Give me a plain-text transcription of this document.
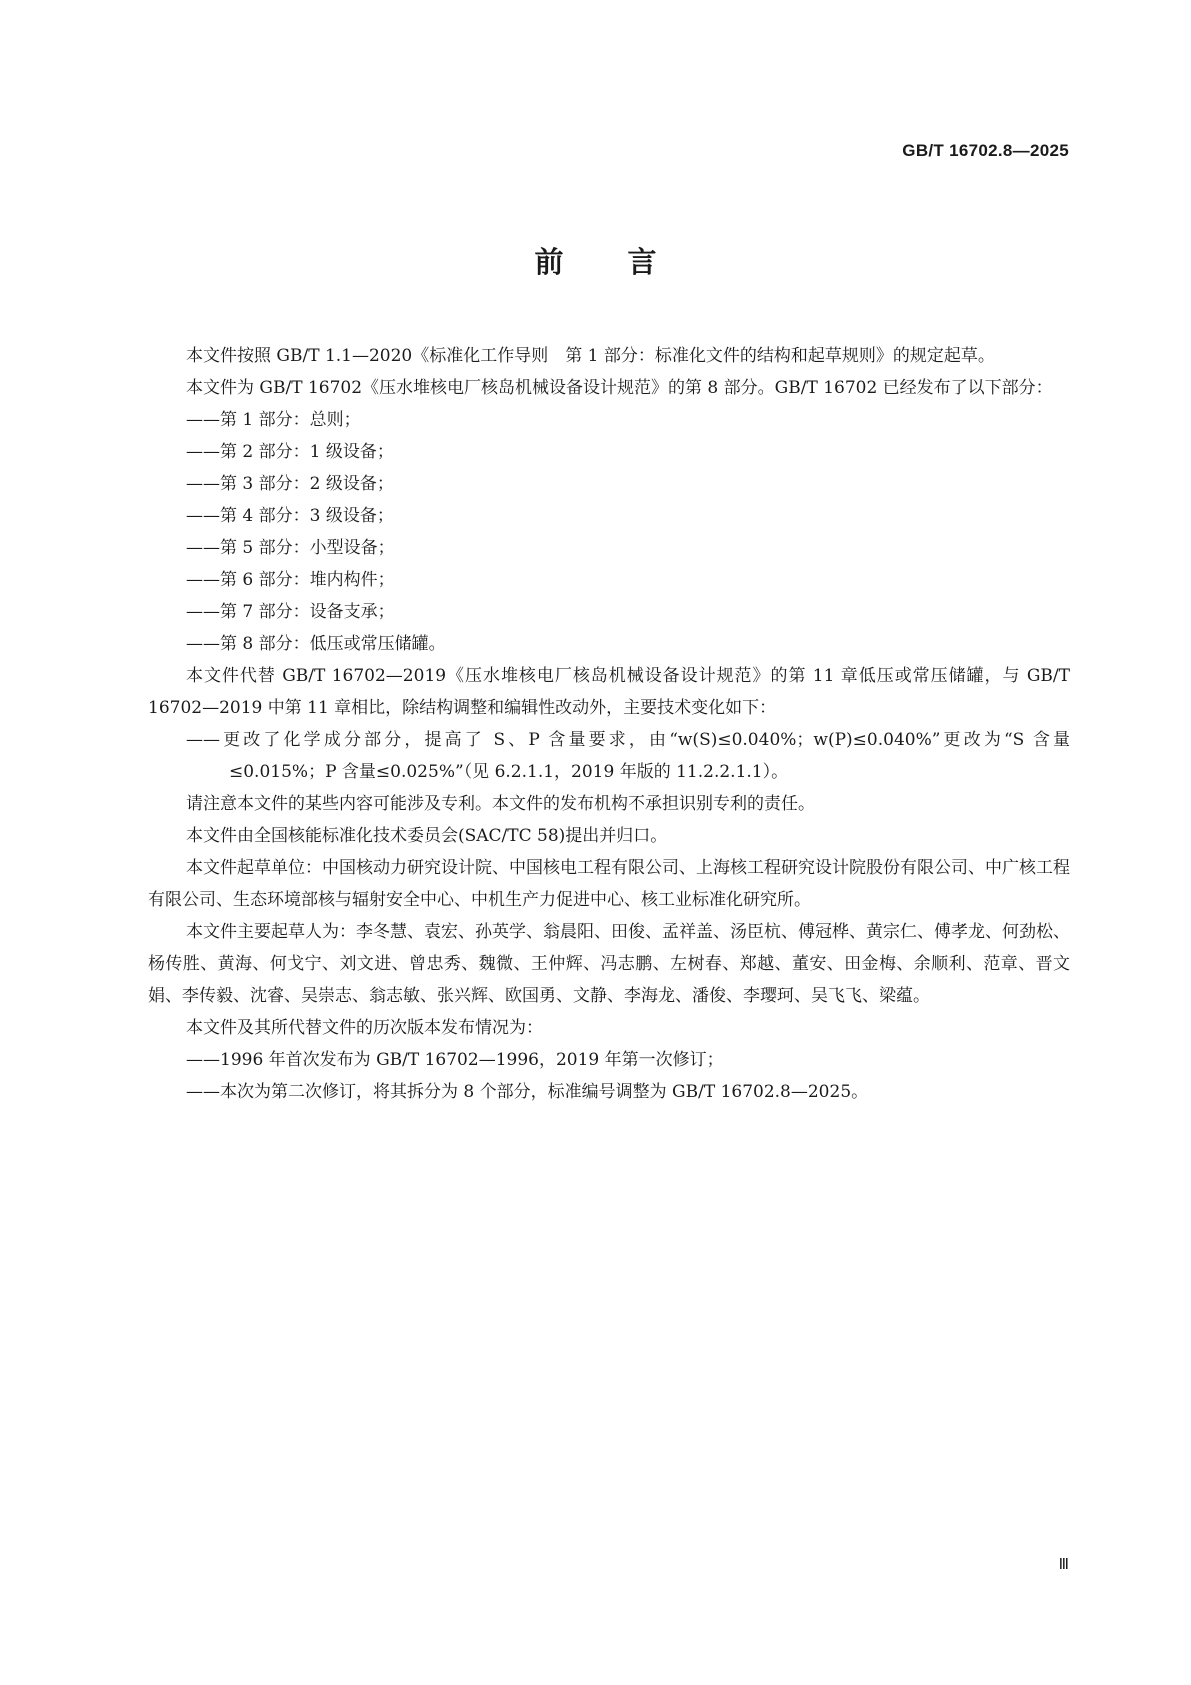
GB/T 16702.8—2025
前 言

本文件按照 GB/T 1.1—2020《标准化工作导则　第 1 部分：标准化文件的结构和起草规则》的规定起草。

本文件为 GB/T 16702《压水堆核电厂核岛机械设备设计规范》的第 8 部分。GB/T 16702 已经发布了以下部分：

——第 1 部分：总则；

——第 2 部分：1 级设备；

——第 3 部分：2 级设备；

——第 4 部分：3 级设备；

——第 5 部分：小型设备；

——第 6 部分：堆内构件；

——第 7 部分：设备支承；

——第 8 部分：低压或常压储罐。

本文件代替 GB/T 16702—2019《压水堆核电厂核岛机械设备设计规范》的第 11 章低压或常压储罐，与 GB/T 16702—2019 中第 11 章相比，除结构调整和编辑性改动外，主要技术变化如下：

——更改了化学成分部分，提高了 S、P 含量要求，由“w(S)≤0.040%；w(P)≤0.040%”更改为“S 含量≤0.015%；P 含量≤0.025%”（见 6.2.1.1，2019 年版的 11.2.2.1.1）。

请注意本文件的某些内容可能涉及专利。本文件的发布机构不承担识别专利的责任。

本文件由全国核能标准化技术委员会(SAC/TC 58)提出并归口。

本文件起草单位：中国核动力研究设计院、中国核电工程有限公司、上海核工程研究设计院股份有限公司、中广核工程有限公司、生态环境部核与辐射安全中心、中机生产力促进中心、核工业标准化研究所。

本文件主要起草人为：李冬慧、袁宏、孙英学、翁晨阳、田俊、孟祥盖、汤臣杭、傅冠桦、黄宗仁、傅孝龙、何劲松、杨传胜、黄海、何戈宁、刘文进、曾忠秀、魏微、王仲辉、冯志鹏、左树春、郑越、董安、田金梅、余顺利、范章、晋文娟、李传毅、沈睿、吴崇志、翁志敏、张兴辉、欧国勇、文静、李海龙、潘俊、李璎珂、吴飞飞、梁蕴。

本文件及其所代替文件的历次版本发布情况为：

——1996 年首次发布为 GB/T 16702—1996，2019 年第一次修订；

——本次为第二次修订，将其拆分为 8 个部分，标准编号调整为 GB/T 16702.8—2025。

Ⅲ
